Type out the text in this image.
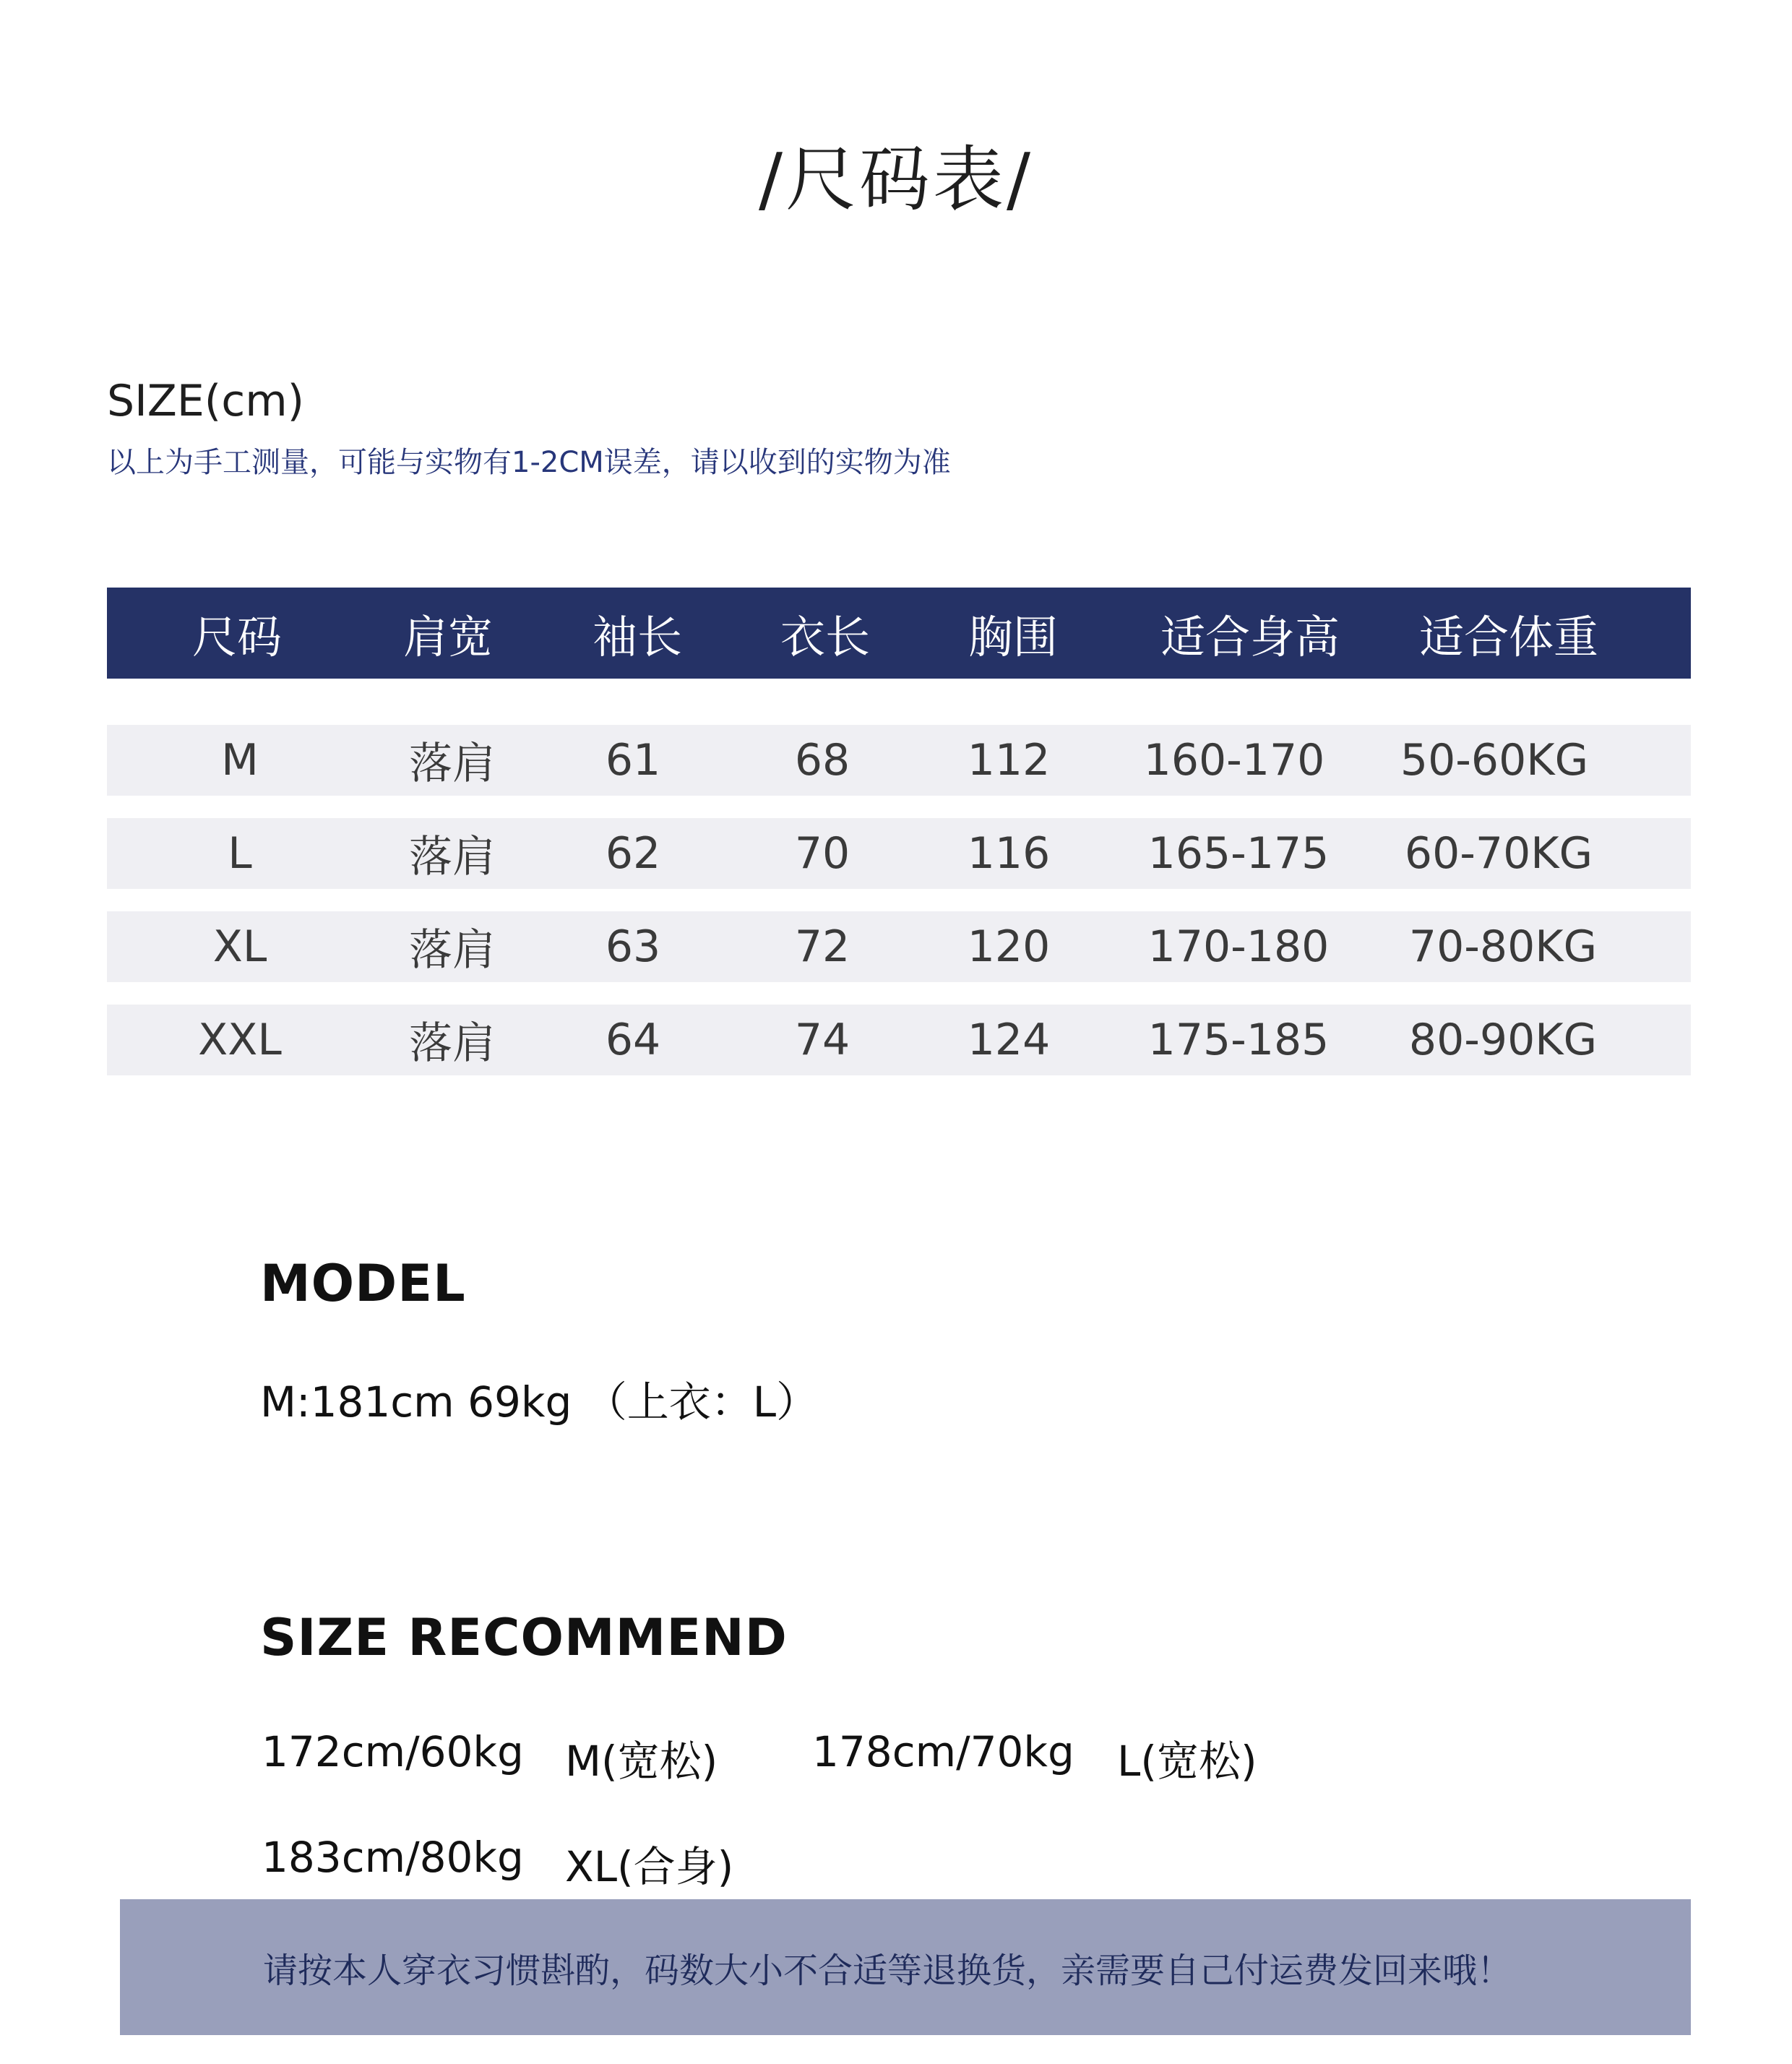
/尺码表/
SIZE(cm)
以上为手工测量，可能与实物有1-2CM误差，请以收到的实物为准
尺码	肩宽 袖长 衣长 胸围 适合身高 适合体重
M	落肩	61	68	112 160-170 50-60KG
L	落肩	62	70	116 165-175 60-70KG
XL	落肩	63	72	120 170-180 70-80KG
XXL	落肩	64	74	124 175-185 80-90KG
MODEL
M:181cm 69kg （上衣：L）
SIZE RECOMMEND
172cm/60kg M(宽松) 178cm/70kg L(宽松)
183cm/80kg XL(合身)
请按本人穿衣习惯斟酌，码数大小不合适等退换货，亲需要自己付运费发回来哦！
